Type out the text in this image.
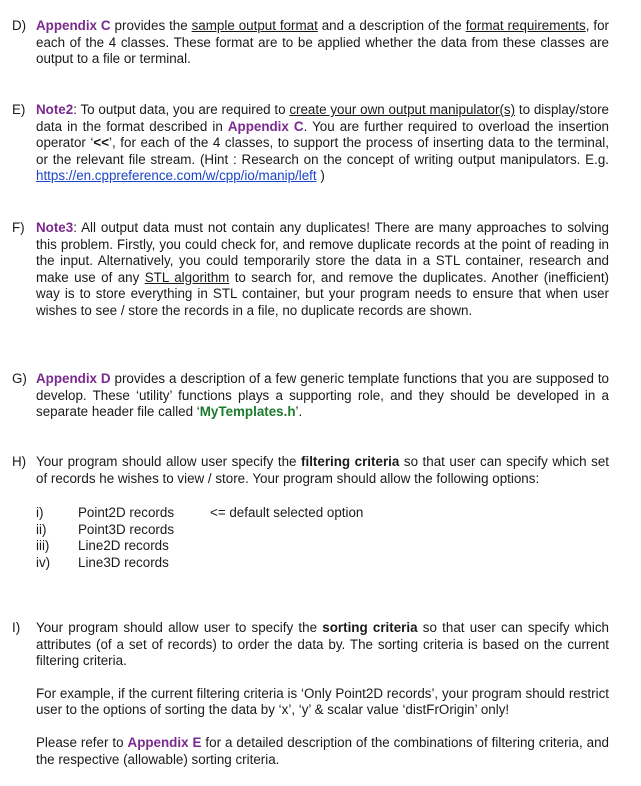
D) Appendix C provides the sample output format and a description of the format requirements, for each of the 4 classes. These format are to be applied whether the data from these classes are output to a file or terminal.

E) Note2: To output data, you are required to create your own output manipulator(s) to display/store data in the format described in Appendix C. You are further required to overload the insertion operator ‘<<’, for each of the 4 classes, to support the process of inserting data to the terminal, or the relevant file stream. (Hint : Research on the concept of writing output manipulators. E.g. https://en.cppreference.com/w/cpp/io/manip/left )

F) Note3: All output data must not contain any duplicates! There are many approaches to solving this problem. Firstly, you could check for, and remove duplicate records at the point of reading in the input. Alternatively, you could temporarily store the data in a STL container, research and make use of any STL algorithm to search for, and remove the duplicates. Another (inefficient) way is to store everything in STL container, but your program needs to ensure that when user wishes to see / store the records in a file, no duplicate records are shown.

G) Appendix D provides a description of a few generic template functions that you are supposed to develop. These ‘utility’ functions plays a supporting role, and they should be developed in a separate header file called ‘MyTemplates.h’.

H) Your program should allow user specify the filtering criteria so that user can specify which set of records he wishes to view / store. Your program should allow the following options:

i)	Point2D records	<= default selected option
ii) Point3D records
iii) Line2D records
iv) Line3D records
I) Your program should allow user to specify the sorting criteria so that user can specify which attributes (of a set of records) to order the data by. The sorting criteria is based on the current filtering criteria.

For example, if the current filtering criteria is ‘Only Point2D records’, your program should restrict user to the options of sorting the data by ‘x’, ‘y’ & scalar value ‘distFrOrigin’ only!

Please refer to Appendix E for a detailed description of the combinations of filtering criteria, and the respective (allowable) sorting criteria.
